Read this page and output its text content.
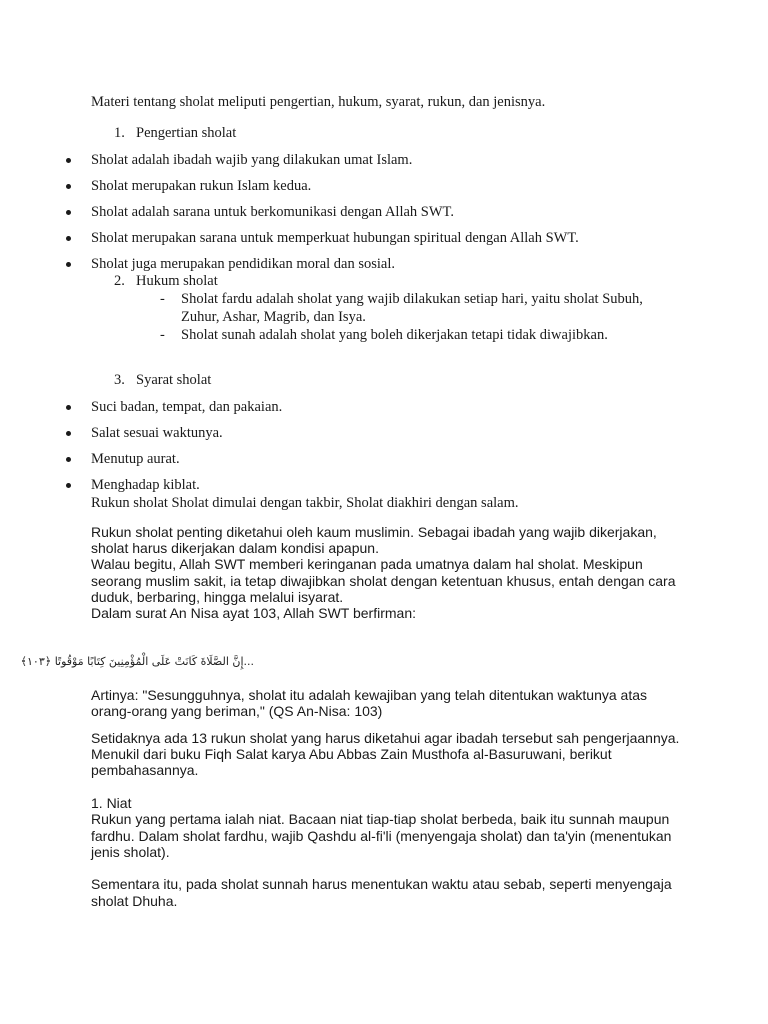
Materi tentang sholat meliputi pengertian, hukum, syarat, rukun, dan jenisnya.
1. Pengertian sholat
Sholat adalah ibadah wajib yang dilakukan umat Islam.
Sholat merupakan rukun Islam kedua.
Sholat adalah sarana untuk berkomunikasi dengan Allah SWT.
Sholat merupakan sarana untuk memperkuat hubungan spiritual dengan Allah SWT.
Sholat juga merupakan pendidikan moral dan sosial.
2. Hukum sholat
- Sholat fardu adalah sholat yang wajib dilakukan setiap hari, yaitu sholat Subuh,
Zuhur, Ashar, Magrib, dan Isya.
- Sholat sunah adalah sholat yang boleh dikerjakan tetapi tidak diwajibkan.
3. Syarat sholat
Suci badan, tempat, dan pakaian.
Salat sesuai waktunya.
Menutup aurat.
Menghadap kiblat.
Rukun sholat Sholat dimulai dengan takbir, Sholat diakhiri dengan salam.
Rukun sholat penting diketahui oleh kaum muslimin. Sebagai ibadah yang wajib dikerjakan,
sholat harus dikerjakan dalam kondisi apapun.
Walau begitu, Allah SWT memberi keringanan pada umatnya dalam hal sholat. Meskipun
seorang muslim sakit, ia tetap diwajibkan sholat dengan ketentuan khusus, entah dengan cara
duduk, berbaring, hingga melalui isyarat.
Dalam surat An Nisa ayat 103, Allah SWT berfirman:
...إِنَّ الصَّلَاةَ كَانَتْ عَلَى الْمُؤْمِنِينَ كِتَابًا مَوْقُوتًا ﴿١٠٣﴾
Artinya: "Sesungguhnya, sholat itu adalah kewajiban yang telah ditentukan waktunya atas
orang-orang yang beriman," (QS An-Nisa: 103)
Setidaknya ada 13 rukun sholat yang harus diketahui agar ibadah tersebut sah pengerjaannya.
Menukil dari buku Fiqh Salat karya Abu Abbas Zain Musthofa al-Basuruwani, berikut
pembahasannya.
1. Niat
Rukun yang pertama ialah niat. Bacaan niat tiap-tiap sholat berbeda, baik itu sunnah maupun
fardhu. Dalam sholat fardhu, wajib Qashdu al-fi'li (menyengaja sholat) dan ta'yin (menentukan
jenis sholat).
Sementara itu, pada sholat sunnah harus menentukan waktu atau sebab, seperti menyengaja
sholat Dhuha.
